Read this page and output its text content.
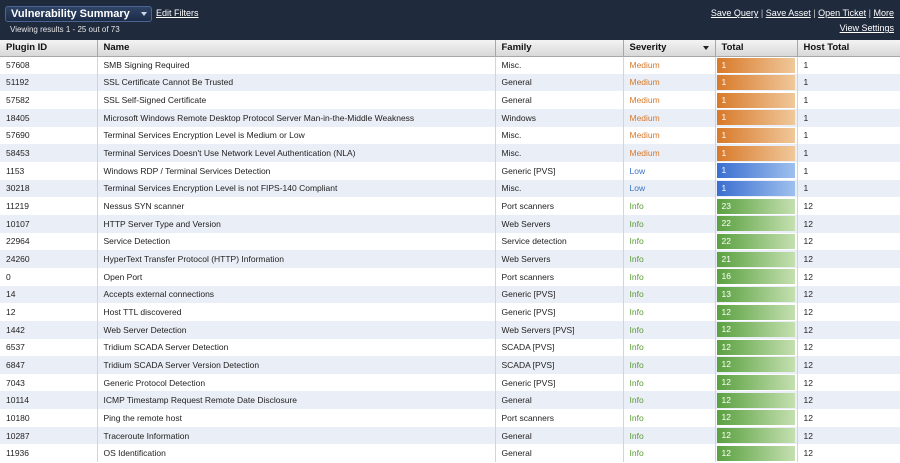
Vulnerability Summary	Edit Filters
Viewing results 1 - 25 out of 73
Save Query | Save Asset | Open Ticket | More
View Settings
Plugin ID	Name	Family	Severity	Total	Host Total
57608	SMB Signing Required	Misc.	Medium	1	1
51192	SSL Certificate Cannot Be Trusted	General	Medium	1	1
57582	SSL Self-Signed Certificate	General	Medium	1	1
18405	Microsoft Windows Remote Desktop Protocol Server Man-in-the-Middle Weakness	Windows	Medium	1	1
57690	Terminal Services Encryption Level is Medium or Low	Misc.	Medium	1	1
58453	Terminal Services Doesn't Use Network Level Authentication (NLA)	Misc.	Medium	1	1
1153	Windows RDP / Terminal Services Detection	Generic [PVS]	Low	1	1
30218	Terminal Services Encryption Level is not FIPS-140 Compliant	Misc.	Low	1	1
11219	Nessus SYN scanner	Port scanners	Info	23	12
10107	HTTP Server Type and Version	Web Servers	Info	22	12
22964	Service Detection	Service detection	Info	22	12
24260	HyperText Transfer Protocol (HTTP) Information	Web Servers	Info	21	12
0	Open Port	Port scanners	Info	16	12
14	Accepts external connections	Generic [PVS]	Info	13	12
12	Host TTL discovered	Generic [PVS]	Info	12	12
1442	Web Server Detection	Web Servers [PVS]	Info	12	12
6537	Tridium SCADA Server Detection	SCADA [PVS]	Info	12	12
6847	Tridium SCADA Server Version Detection	SCADA [PVS]	Info	12	12
7043	Generic Protocol Detection	Generic [PVS]	Info	12	12
10114	ICMP Timestamp Request Remote Date Disclosure	General	Info	12	12
10180	Ping the remote host	Port scanners	Info	12	12
10287	Traceroute Information	General	Info	12	12
11936	OS Identification	General	Info	12	12
